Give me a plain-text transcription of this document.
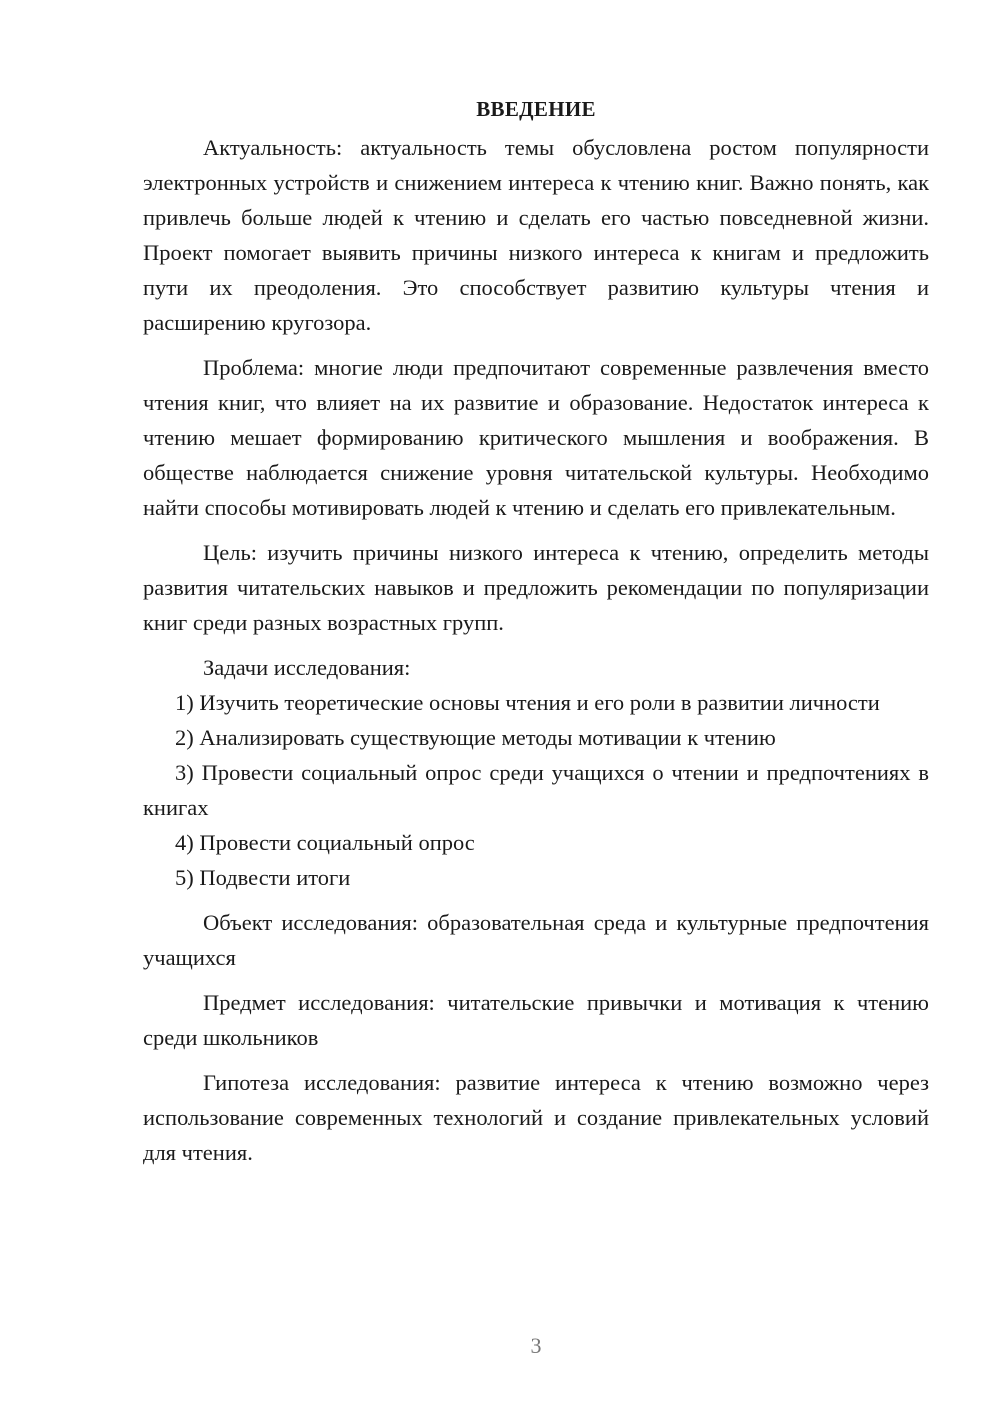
ВВЕДЕНИЕ

Актуальность: актуальность темы обусловлена ростом популярности электронных устройств и снижением интереса к чтению книг. Важно понять, как привлечь больше людей к чтению и сделать его частью повседневной жизни. Проект помогает выявить причины низкого интереса к книгам и предложить пути их преодоления. Это способствует развитию культуры чтения и расширению кругозора.

Проблема: многие люди предпочитают современные развлечения вместо чтения книг, что влияет на их развитие и образование. Недостаток интереса к чтению мешает формированию критического мышления и воображения. В обществе наблюдается снижение уровня читательской культуры. Необходимо найти способы мотивировать людей к чтению и сделать его привлекательным.

Цель: изучить причины низкого интереса к чтению, определить методы развития читательских навыков и предложить рекомендации по популяризации книг среди разных возрастных групп.

Задачи исследования:

1) Изучить теоретические основы чтения и его роли в развитии личности

2) Анализировать существующие методы мотивации к чтению

3) Провести социальный опрос среди учащихся о чтении и предпочтениях в книгах

4) Провести социальный опрос

5) Подвести итоги

Объект исследования: образовательная среда и культурные предпочтения учащихся

Предмет исследования: читательские привычки и мотивация к чтению среди школьников

Гипотеза исследования: развитие интереса к чтению возможно через использование современных технологий и создание привлекательных условий для чтения.

3
